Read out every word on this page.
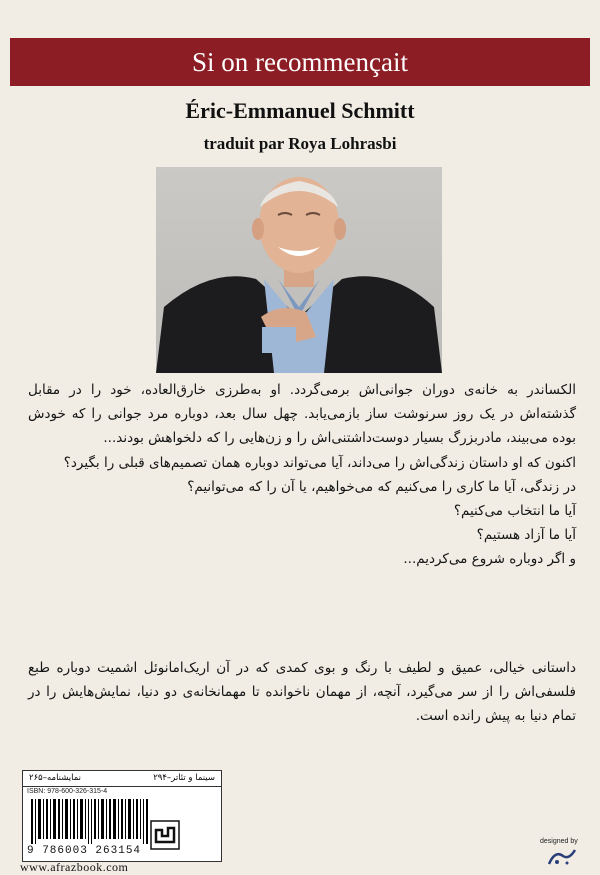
Si on recommençait
Éric-Emmanuel Schmitt
traduit par Roya Lohrasbi

الکساندر به خانه‌ی دوران جوانی‌اش برمی‌گردد. او به‌طرزی خارق‌العاده، خود را در مقابل گذشته‌اش در یک روز سرنوشت ساز بازمی‌یابد. چهل سال بعد، دوباره مرد جوانی را که خودش بوده می‌بیند، مادربزرگ بسیار دوست‌داشتنی‌اش را و زن‌هایی را که دلخواهش بودند...

اکنون که او داستان زندگی‌اش را می‌داند، آیا می‌تواند دوباره همان تصمیم‌های قبلی را بگیرد؟

در زندگی، آیا ما کاری را می‌کنیم که می‌خواهیم، یا آن را که می‌توانیم؟

آیا ما انتخاب می‌کنیم؟

آیا ما آزاد هستیم؟

و اگر دوباره شروع می‌کردیم...

داستانی خیالی، عمیق و لطیف با رنگ و بوی کمدی که در آن اریک‌امانوئل اشمیت دوباره طبع فلسفی‌اش را از سر می‌گیرد، آنچه، از مهمان ناخوانده تا مهمانخانه‌ی دو دنیا، نمایش‌هایش را در تمام دنیا به پیش رانده است.

سینما و تئاتر–۲۹۴
نمایشنامه–۲۶۵
ISBN: 978-600-326-315-4
9 786003 263154
www.afrazbook.com
designed by
